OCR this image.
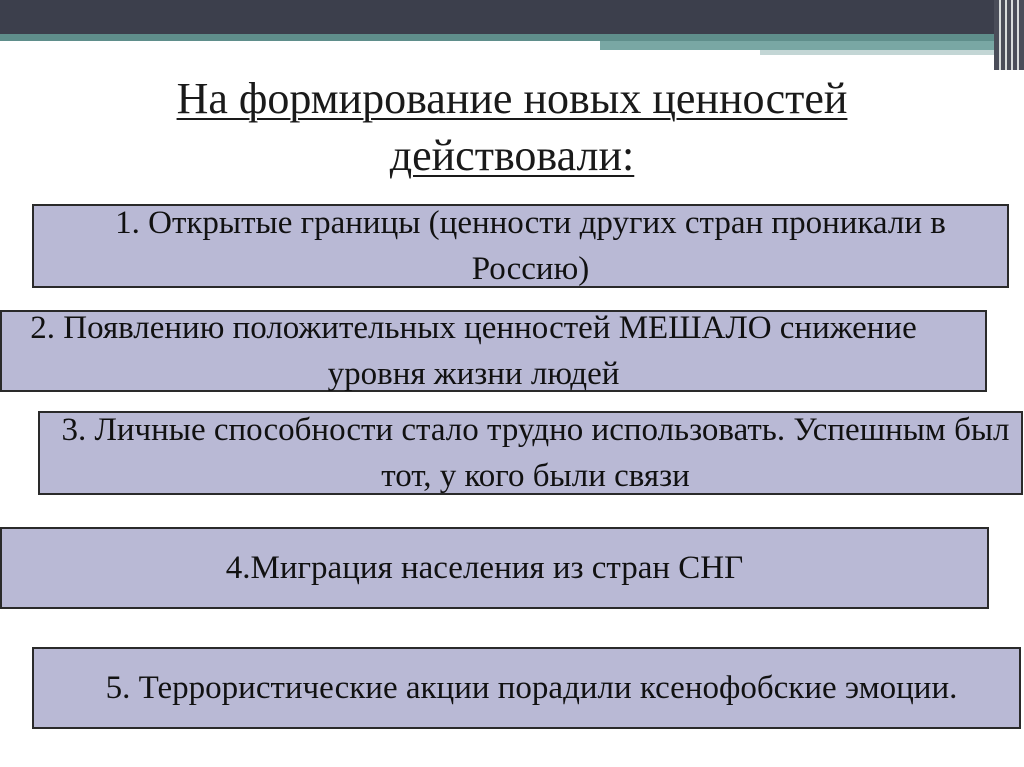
На формирование новых ценностей действовали:
1. Открытые границы (ценности других стран проникали в Россию)
2. Появлению положительных ценностей МЕШАЛО снижение уровня жизни людей
3. Личные способности стало трудно использовать. Успешным был тот, у кого были связи
4.Миграция населения из стран СНГ
5. Террористические акции порадили ксенофобские эмоции.
